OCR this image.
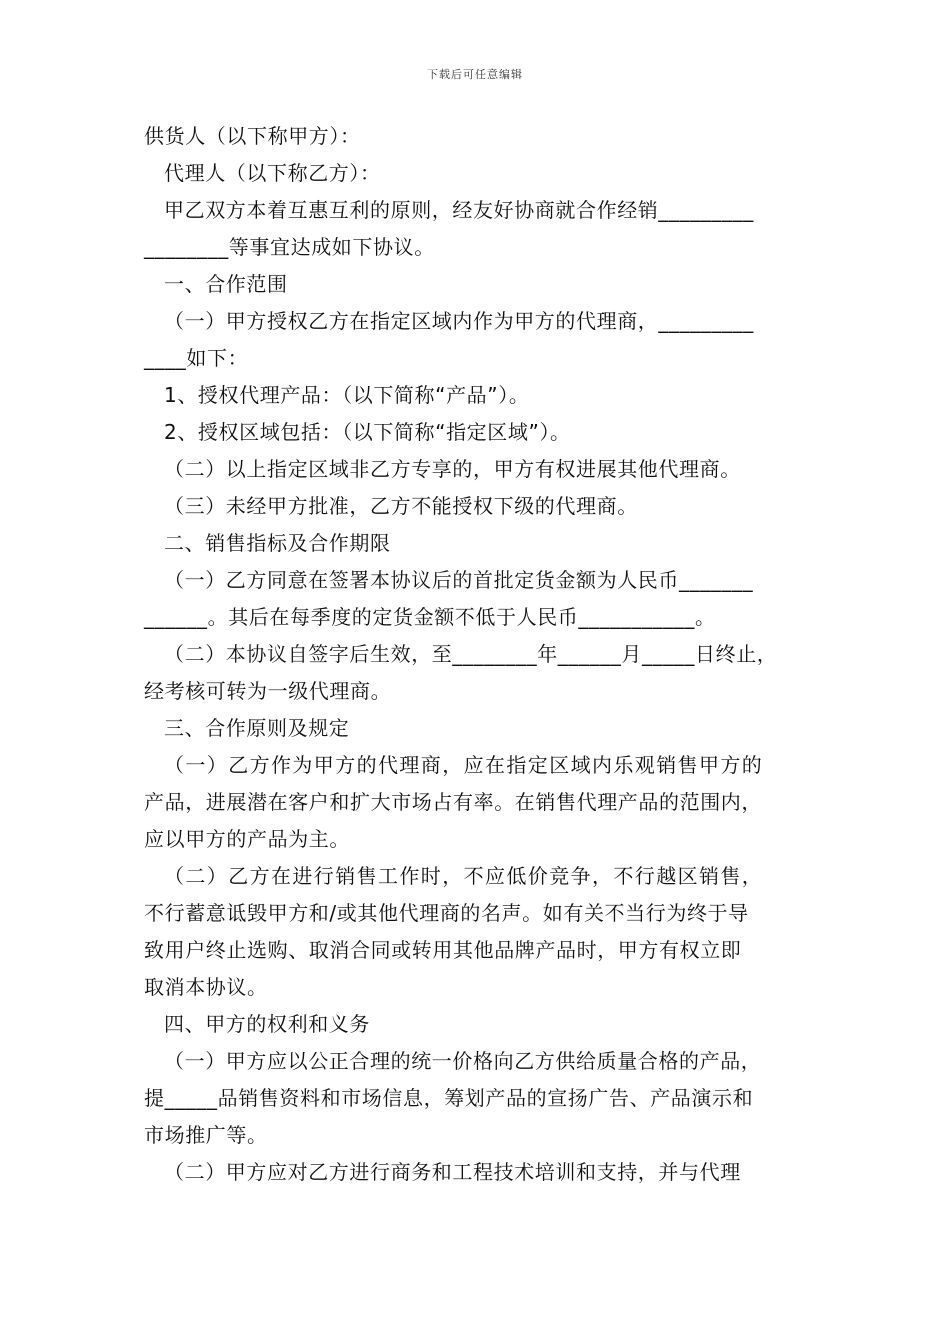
下载后可任意编辑
供货人（以下称甲方）：
代理人（以下称乙方）：
甲乙双方本着互惠互利的原则，经友好协商就合作经销_________
________等事宜达成如下协议。
一、合作范围
（一）甲方授权乙方在指定区域内作为甲方的代理商，_________
____如下：
1、授权代理产品：（以下简称“产品”）。
2、授权区域包括：（以下简称“指定区域”）。
（二）以上指定区域非乙方专享的，甲方有权进展其他代理商。
（三）未经甲方批准，乙方不能授权下级的代理商。
二、销售指标及合作期限
（一）乙方同意在签署本协议后的首批定货金额为人民币_______
______。其后在每季度的定货金额不低于人民币___________。
（二）本协议自签字后生效，至________年______月_____日终止，
经考核可转为一级代理商。
三、合作原则及规定
（一）乙方作为甲方的代理商，应在指定区域内乐观销售甲方的
产品，进展潜在客户和扩大市场占有率。在销售代理产品的范围内，
应以甲方的产品为主。
（二）乙方在进行销售工作时，不应低价竞争，不行越区销售，
不行蓄意诋毁甲方和/或其他代理商的名声。如有关不当行为终于导
致用户终止选购、取消合同或转用其他品牌产品时，甲方有权立即
取消本协议。
四、甲方的权利和义务
（一）甲方应以公正合理的统一价格向乙方供给质量合格的产品，
提_____品销售资料和市场信息，筹划产品的宣扬广告、产品演示和
市场推广等。
（二）甲方应对乙方进行商务和工程技术培训和支持，并与代理
